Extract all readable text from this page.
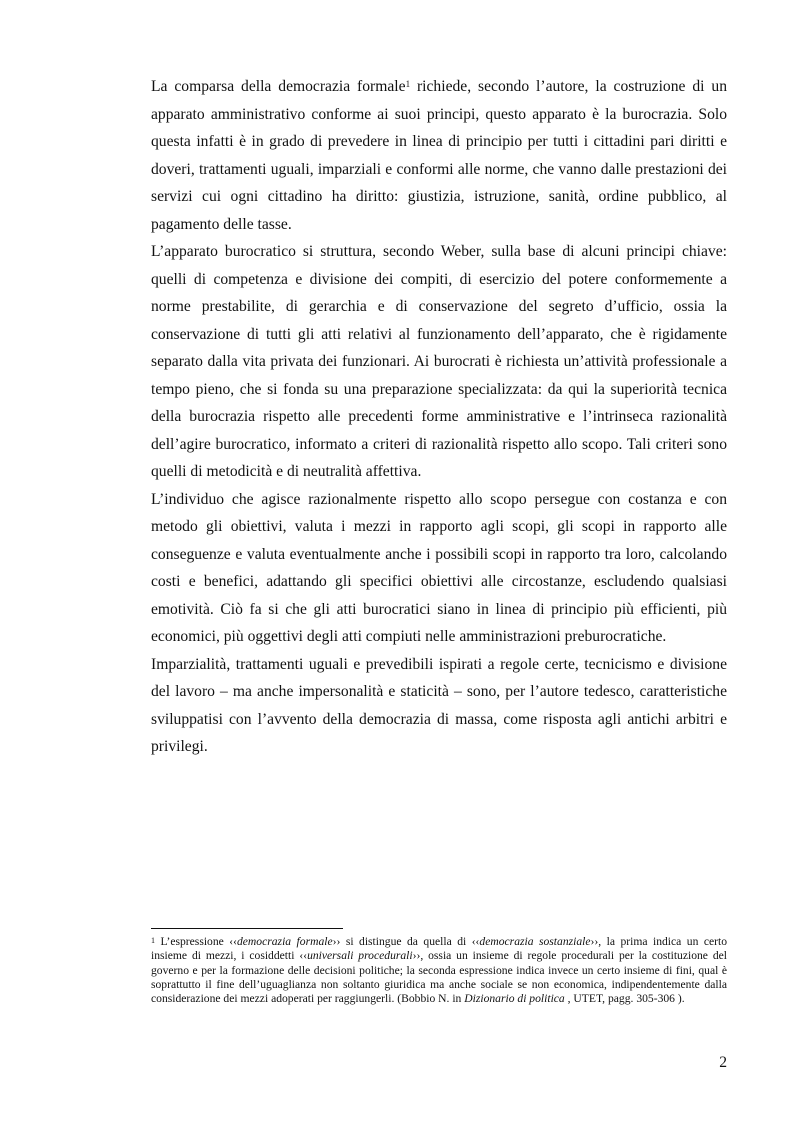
La comparsa della democrazia formale$^1$ richiede, secondo l’autore, la costruzione di un apparato amministrativo conforme ai suoi principi, questo apparato è la burocrazia. Solo questa infatti è in grado di prevedere in linea di principio per tutti i cittadini pari diritti e doveri, trattamenti uguali, imparziali e conformi alle norme, che vanno dalle prestazioni dei servizi cui ogni cittadino ha diritto: giustizia, istruzione, sanità, ordine pubblico, al pagamento delle tasse.

L’apparato burocratico si struttura, secondo Weber, sulla base di alcuni principi chiave: quelli di competenza e divisione dei compiti, di esercizio del potere conformemente a norme prestabilite, di gerarchia e di conservazione del segreto d’ufficio, ossia la conservazione di tutti gli atti relativi al funzionamento dell’apparato, che è rigidamente separato dalla vita privata dei funzionari. Ai burocrati è richiesta un’attività professionale a tempo pieno, che si fonda su una preparazione specializzata: da qui la superiorità tecnica della burocrazia rispetto alle precedenti forme amministrative e l’intrinseca razionalità dell’agire burocratico, informato a criteri di razionalità rispetto allo scopo. Tali criteri sono quelli di metodicità e di neutralità affettiva.

L’individuo che agisce razionalmente rispetto allo scopo persegue con costanza e con metodo gli obiettivi, valuta i mezzi in rapporto agli scopi, gli scopi in rapporto alle conseguenze e valuta eventualmente anche i possibili scopi in rapporto tra loro, calcolando costi e benefici, adattando gli specifici obiettivi alle circostanze, escludendo qualsiasi emotività. Ciò fa si che gli atti burocratici siano in linea di principio più efficienti, più economici, più oggettivi degli atti compiuti nelle amministrazioni preburocratiche.

Imparzialità, trattamenti uguali e prevedibili ispirati a regole certe, tecnicismo e divisione del lavoro – ma anche impersonalità e staticità – sono, per l’autore tedesco, caratteristiche sviluppatisi con l’avvento della democrazia di massa, come risposta agli antichi arbitri e privilegi.

$^1$ L’espressione ‹‹democrazia formale›› si distingue da quella di ‹‹democrazia sostanziale››, la prima indica un certo insieme di mezzi, i cosiddetti ‹‹universali procedurali››, ossia un insieme di regole procedurali per la costituzione del governo e per la formazione delle decisioni politiche; la seconda espressione indica invece un certo insieme di fini, qual è soprattutto il fine dell’uguaglianza non soltanto giuridica ma anche sociale se non economica, indipendentemente dalla considerazione dei mezzi adoperati per raggiungerli. (Bobbio N. in Dizionario di politica , UTET, pagg. 305-306 ).
2
